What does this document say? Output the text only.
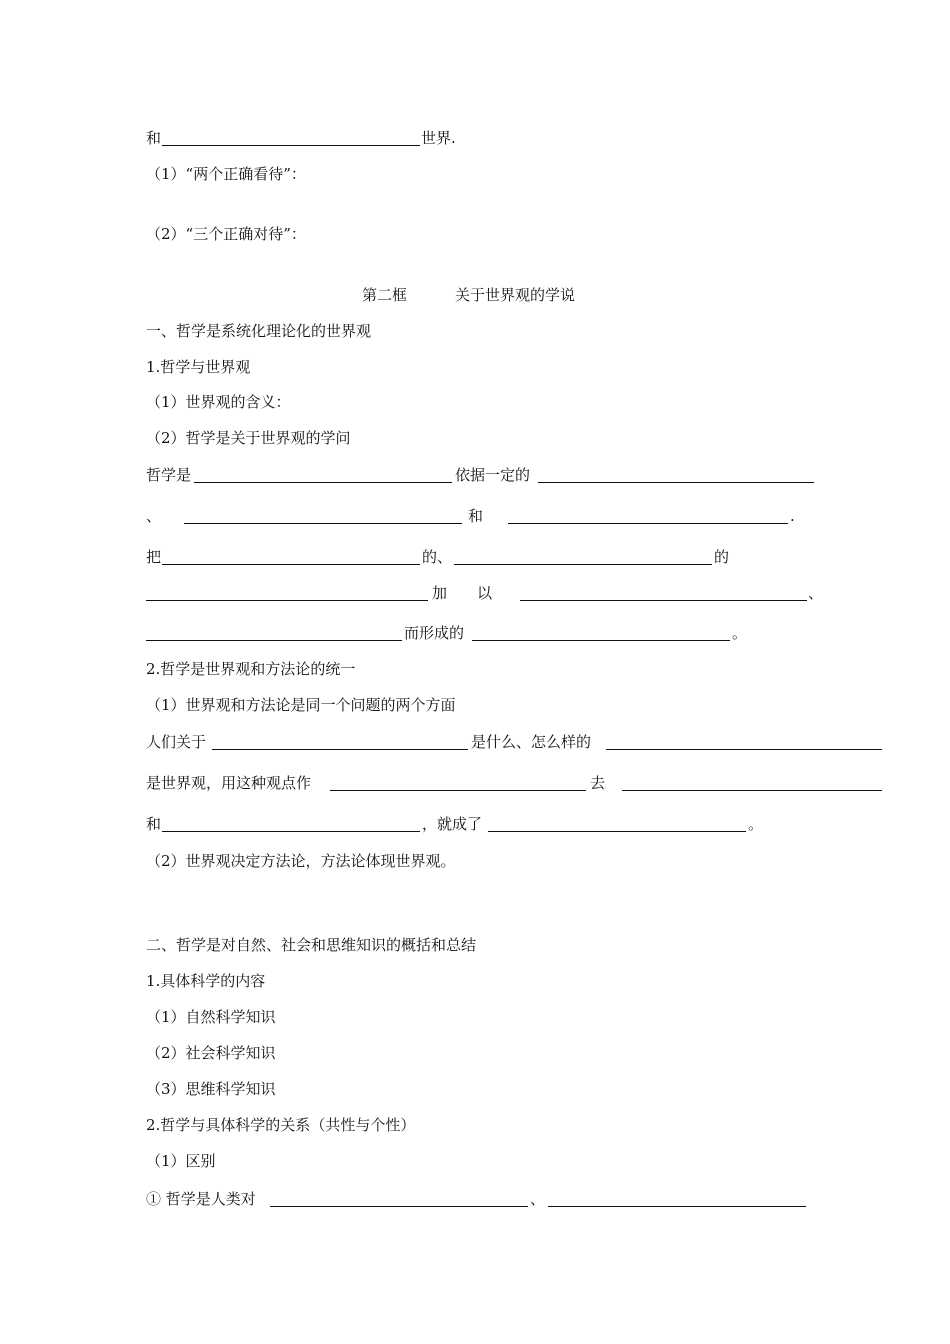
和	世界.
（1）“两个正确看待”：
（2）“三个正确对待”：
第二框	关于世界观的学说
一、哲学是系统化理论化的世界观
1.哲学与世界观
（1）世界观的含义：
（2）哲学是关于世界观的学问
哲学是	依据一定的
、	和	.
把	的、	的
加 以	、
而形成的	。
2.哲学是世界观和方法论的统一
（1）世界观和方法论是同一个问题的两个方面
人们关于	是什么、怎么样的
是世界观，用这种观点作	去
和	，就成了	。
（2）世界观决定方法论，方法论体现世界观。
二、哲学是对自然、社会和思维知识的概括和总结
1.具体科学的内容
（1）自然科学知识
（2）社会科学知识
（3）思维科学知识
2.哲学与具体科学的关系（共性与个性）
（1）区别
① 哲学是人类对	、
